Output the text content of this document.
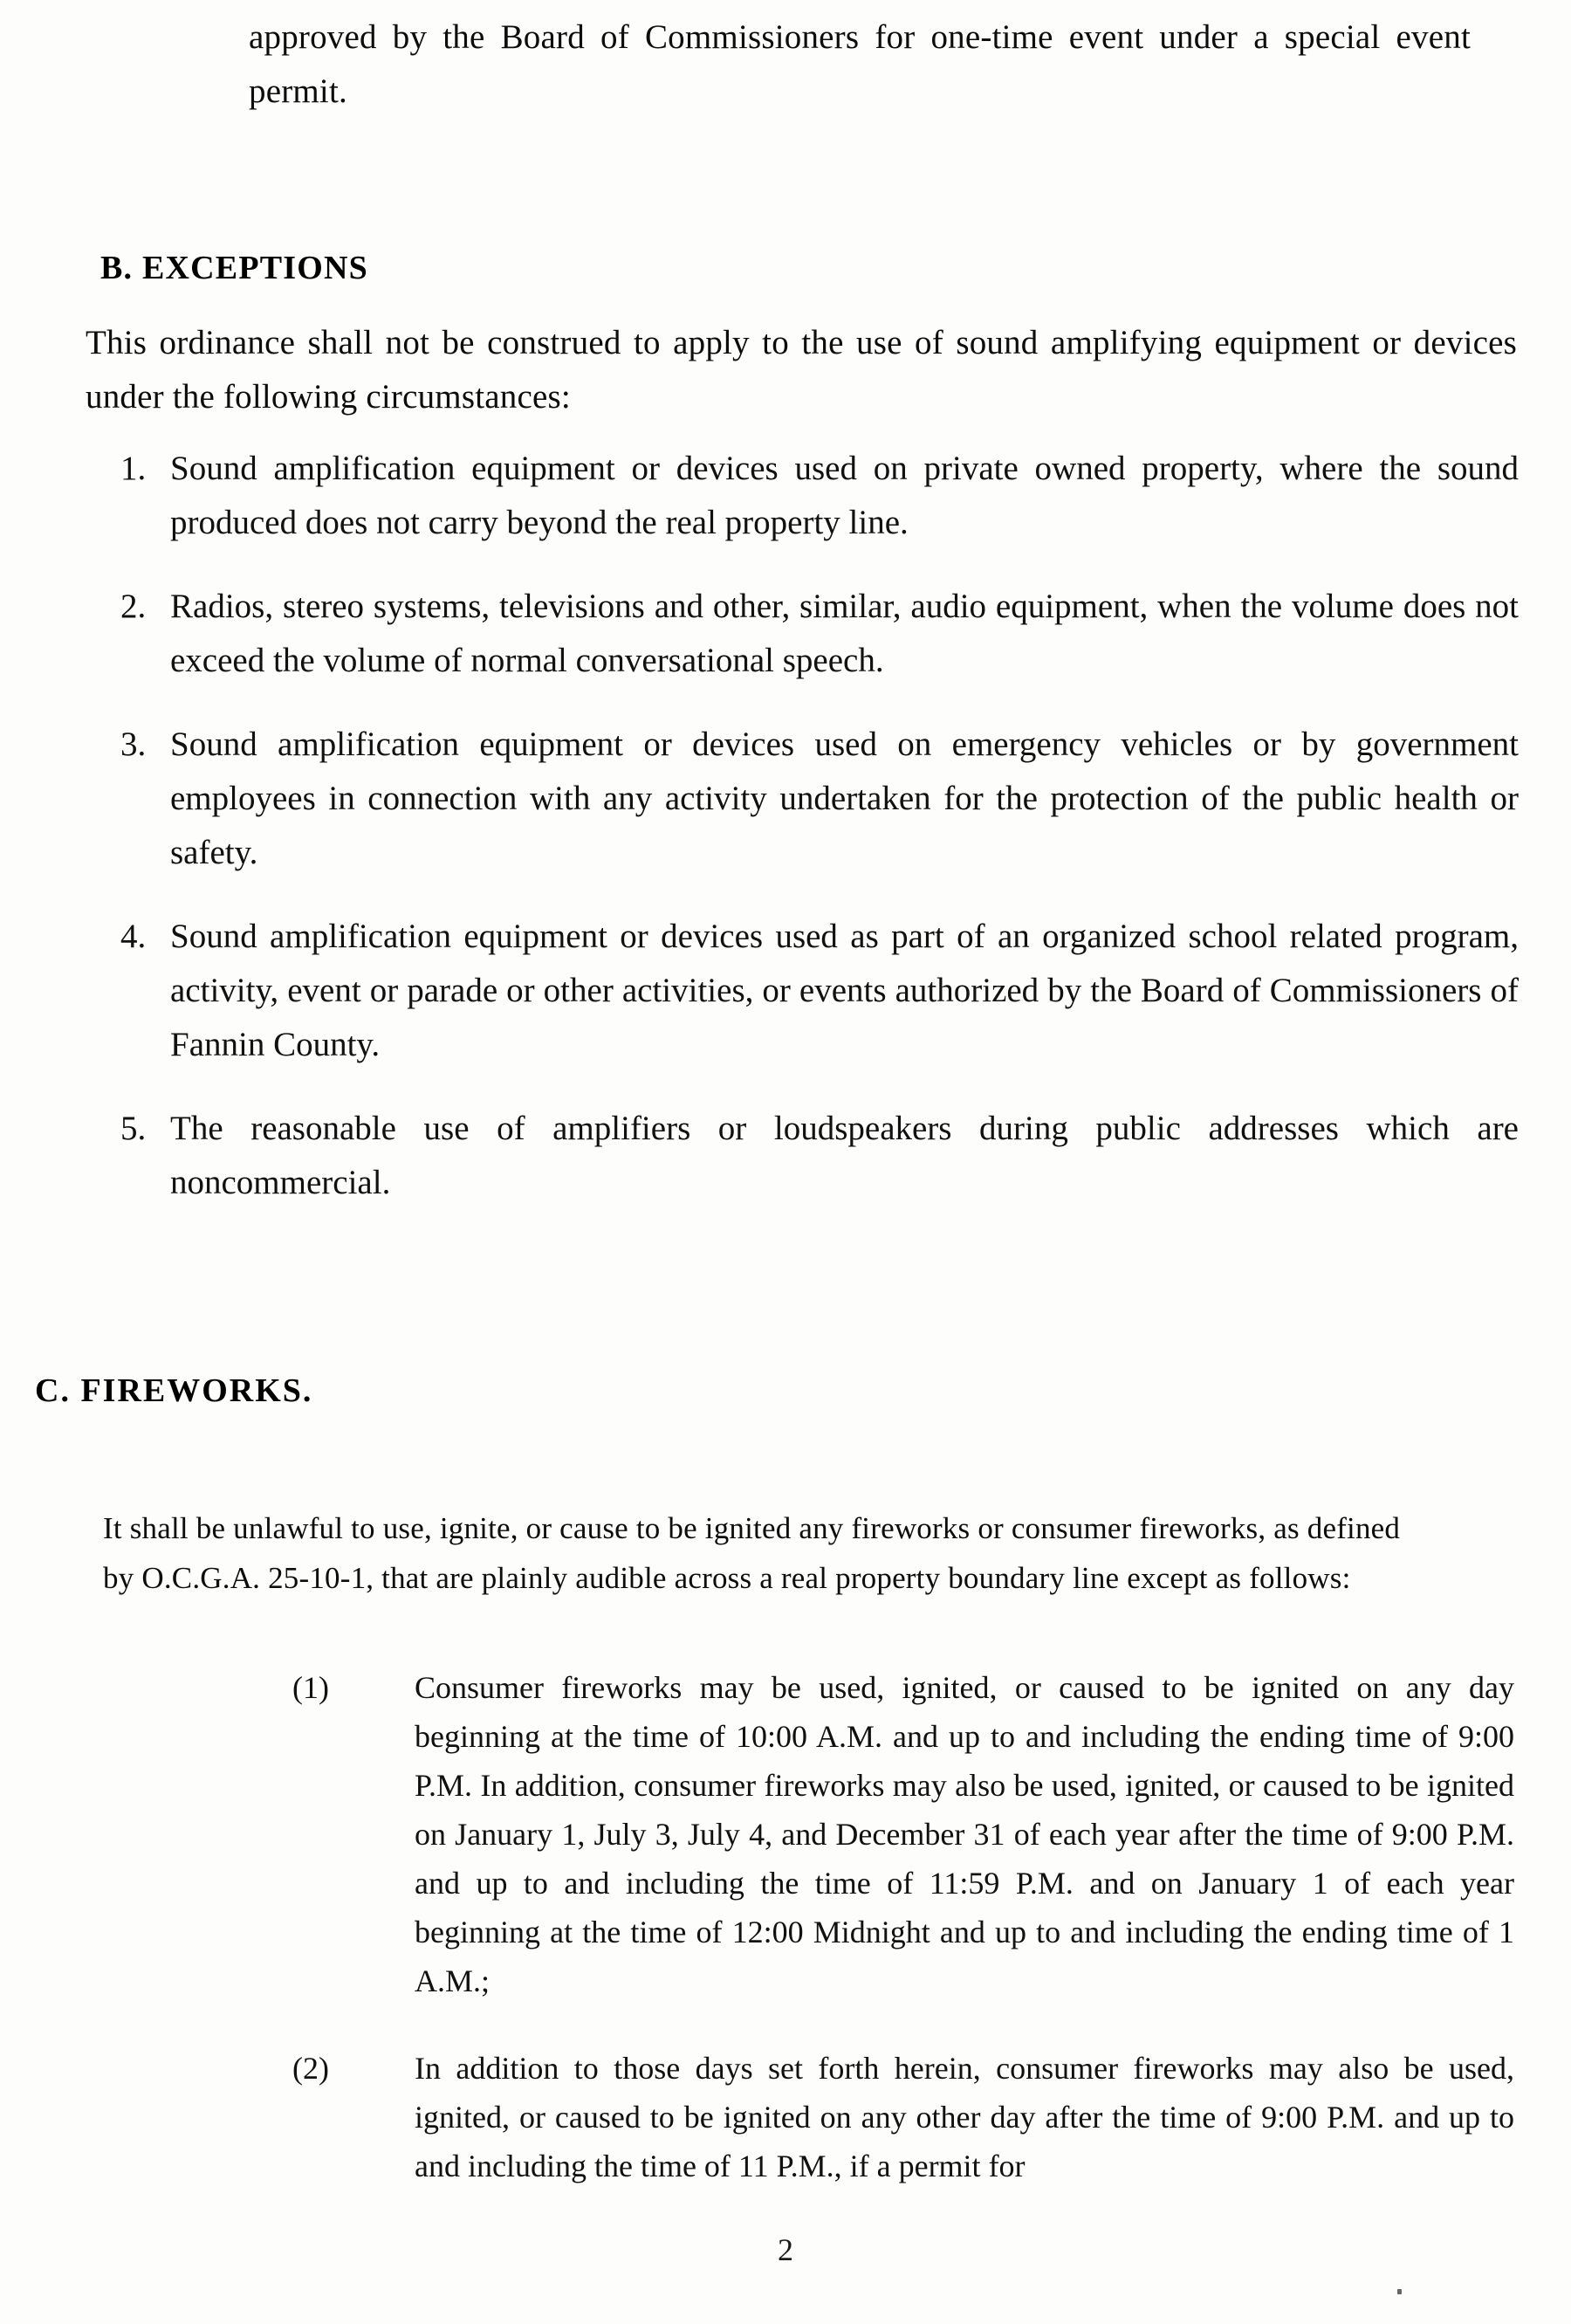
approved by the Board of Commissioners for one-time event under a special event permit.
B. EXCEPTIONS
This ordinance shall not be construed to apply to the use of sound amplifying equipment or devices under the following circumstances:
1. Sound amplification equipment or devices used on private owned property, where the sound produced does not carry beyond the real property line.
2. Radios, stereo systems, televisions and other, similar, audio equipment, when the volume does not exceed the volume of normal conversational speech.
3. Sound amplification equipment or devices used on emergency vehicles or by government employees in connection with any activity undertaken for the protection of the public health or safety.
4. Sound amplification equipment or devices used as part of an organized school related program, activity, event or parade or other activities, or events authorized by the Board of Commissioners of Fannin County.
5. The reasonable use of amplifiers or loudspeakers during public addresses which are noncommercial.
C. FIREWORKS.
It shall be unlawful to use, ignite, or cause to be ignited any fireworks or consumer fireworks, as defined by O.C.G.A. 25-10-1, that are plainly audible across a real property boundary line except as follows:
(1)	Consumer fireworks may be used, ignited, or caused to be ignited on any day beginning at the time of 10:00 A.M. and up to and including the ending time of 9:00 P.M. In addition, consumer fireworks may also be used, ignited, or caused to be ignited on January 1, July 3, July 4, and December 31 of each year after the time of 9:00 P.M. and up to and including the time of 11:59 P.M. and on January 1 of each year beginning at the time of 12:00 Midnight and up to and including the ending time of 1 A.M.;
(2)	In addition to those days set forth herein, consumer fireworks may also be used, ignited, or caused to be ignited on any other day after the time of 9:00 P.M. and up to and including the time of 11 P.M., if a permit for
2
